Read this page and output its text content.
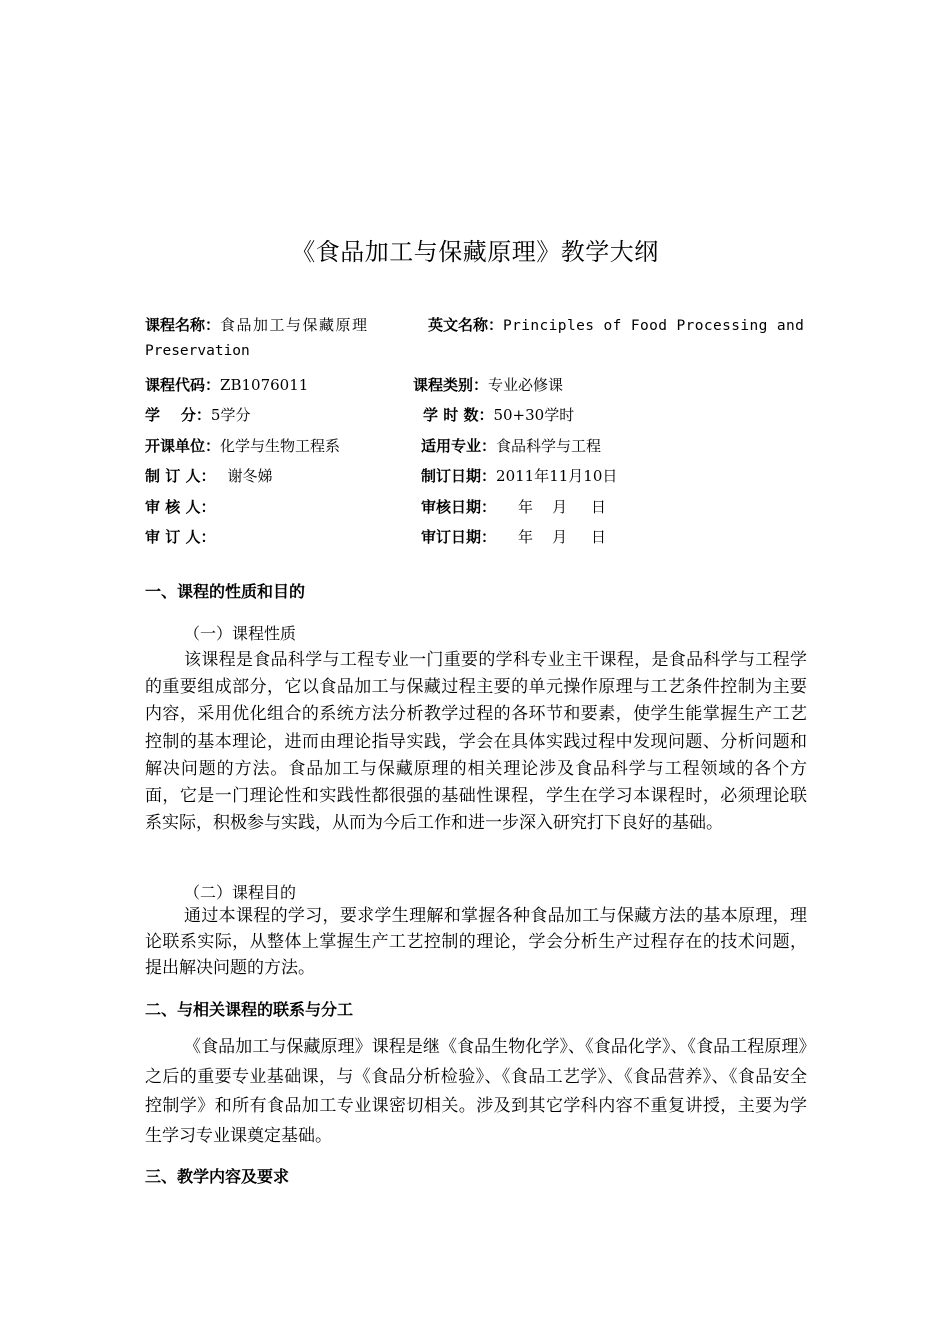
《食品加工与保藏原理》教学大纲
课程名称：食品加工与保藏原理	英文名称：Principles of Food Processing and
Preservation
课程代码：ZB1076011	课程类别：专业必修课
学    分：5学分	学 时 数：50+30学时
开课单位：化学与生物工程系	适用专业：食品科学与工程
制 订 人： 谢冬娣	制订日期：2011年11月10日
审 核 人：	审核日期： 年    月     日
审 订 人：	审订日期： 年    月     日
一、课程的性质和目的
（一）课程性质
该课程是食品科学与工程专业一门重要的学科专业主干课程，是食品科学与工程学的重要组成部分，它以食品加工与保藏过程主要的单元操作原理与工艺条件控制为主要内容，采用优化组合的系统方法分析教学过程的各环节和要素，使学生能掌握生产工艺控制的基本理论，进而由理论指导实践，学会在具体实践过程中发现问题、分析问题和解决问题的方法。食品加工与保藏原理的相关理论涉及食品科学与工程领域的各个方面，它是一门理论性和实践性都很强的基础性课程，学生在学习本课程时，必须理论联系实际，积极参与实践，从而为今后工作和进一步深入研究打下良好的基础。
（二）课程目的
通过本课程的学习，要求学生理解和掌握各种食品加工与保藏方法的基本原理，理论联系实际，从整体上掌握生产工艺控制的理论，学会分析生产过程存在的技术问题，提出解决问题的方法。
二、与相关课程的联系与分工
《食品加工与保藏原理》课程是继《食品生物化学》、《食品化学》、《食品工程原理》之后的重要专业基础课，与《食品分析检验》、《食品工艺学》、《食品营养》、《食品安全控制学》和所有食品加工专业课密切相关。涉及到其它学科内容不重复讲授，主要为学生学习专业课奠定基础。
三、教学内容及要求
